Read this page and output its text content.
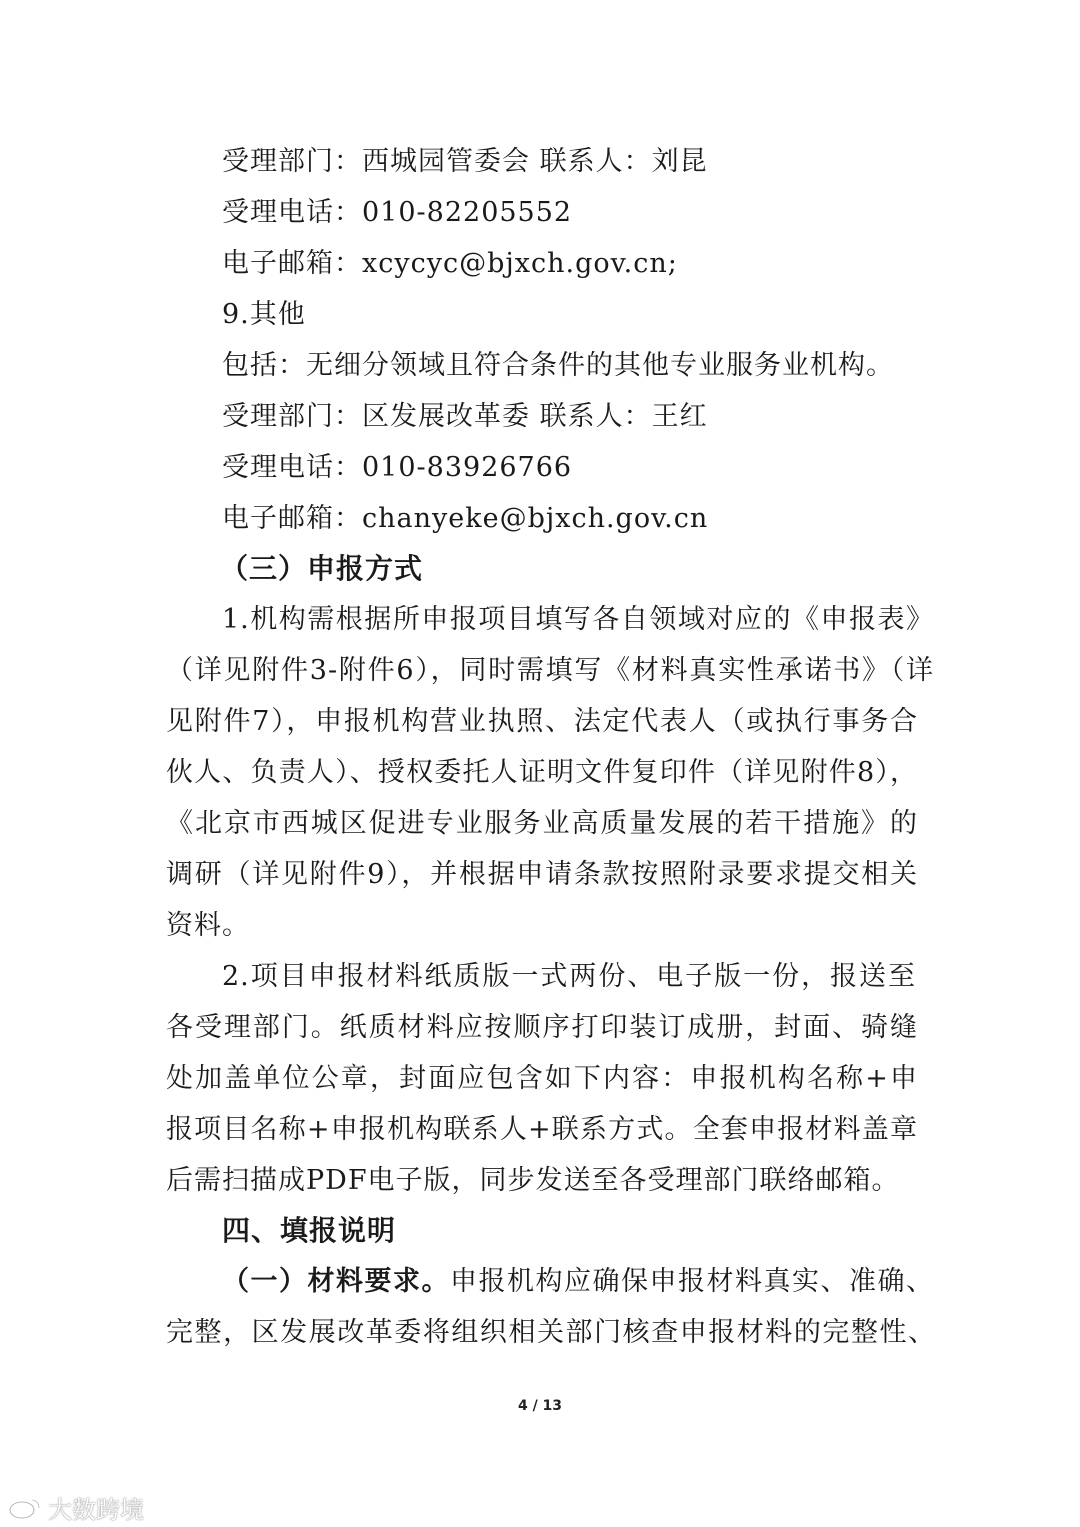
受理部门：西城园管委会 联系人：刘昆
受理电话：010-82205552
电子邮箱：xcycyc@bjxch.gov.cn;
9.其他
包括：无细分领域且符合条件的其他专业服务业机构。
受理部门：区发展改革委 联系人：王红
受理电话：010-83926766
电子邮箱：chanyeke@bjxch.gov.cn
（三）申报方式
1.机构需根据所申报项目填写各自领域对应的《申报表》
（详见附件3-附件6），同时需填写《材料真实性承诺书》（详
见附件7），申报机构营业执照、法定代表人（或执行事务合
伙人、负责人）、授权委托人证明文件复印件（详见附件8），
《北京市西城区促进专业服务业高质量发展的若干措施》的
调研（详见附件9），并根据申请条款按照附录要求提交相关
资料。
2.项目申报材料纸质版一式两份、电子版一份，报送至
各受理部门。纸质材料应按顺序打印装订成册，封面、骑缝
处加盖单位公章，封面应包含如下内容：申报机构名称+申
报项目名称+申报机构联系人+联系方式。全套申报材料盖章
后需扫描成PDF电子版，同步发送至各受理部门联络邮箱。
四、填报说明
（一）材料要求。申报机构应确保申报材料真实、准确、
完整，区发展改革委将组织相关部门核查申报材料的完整性、
4 / 13
大数跨境
